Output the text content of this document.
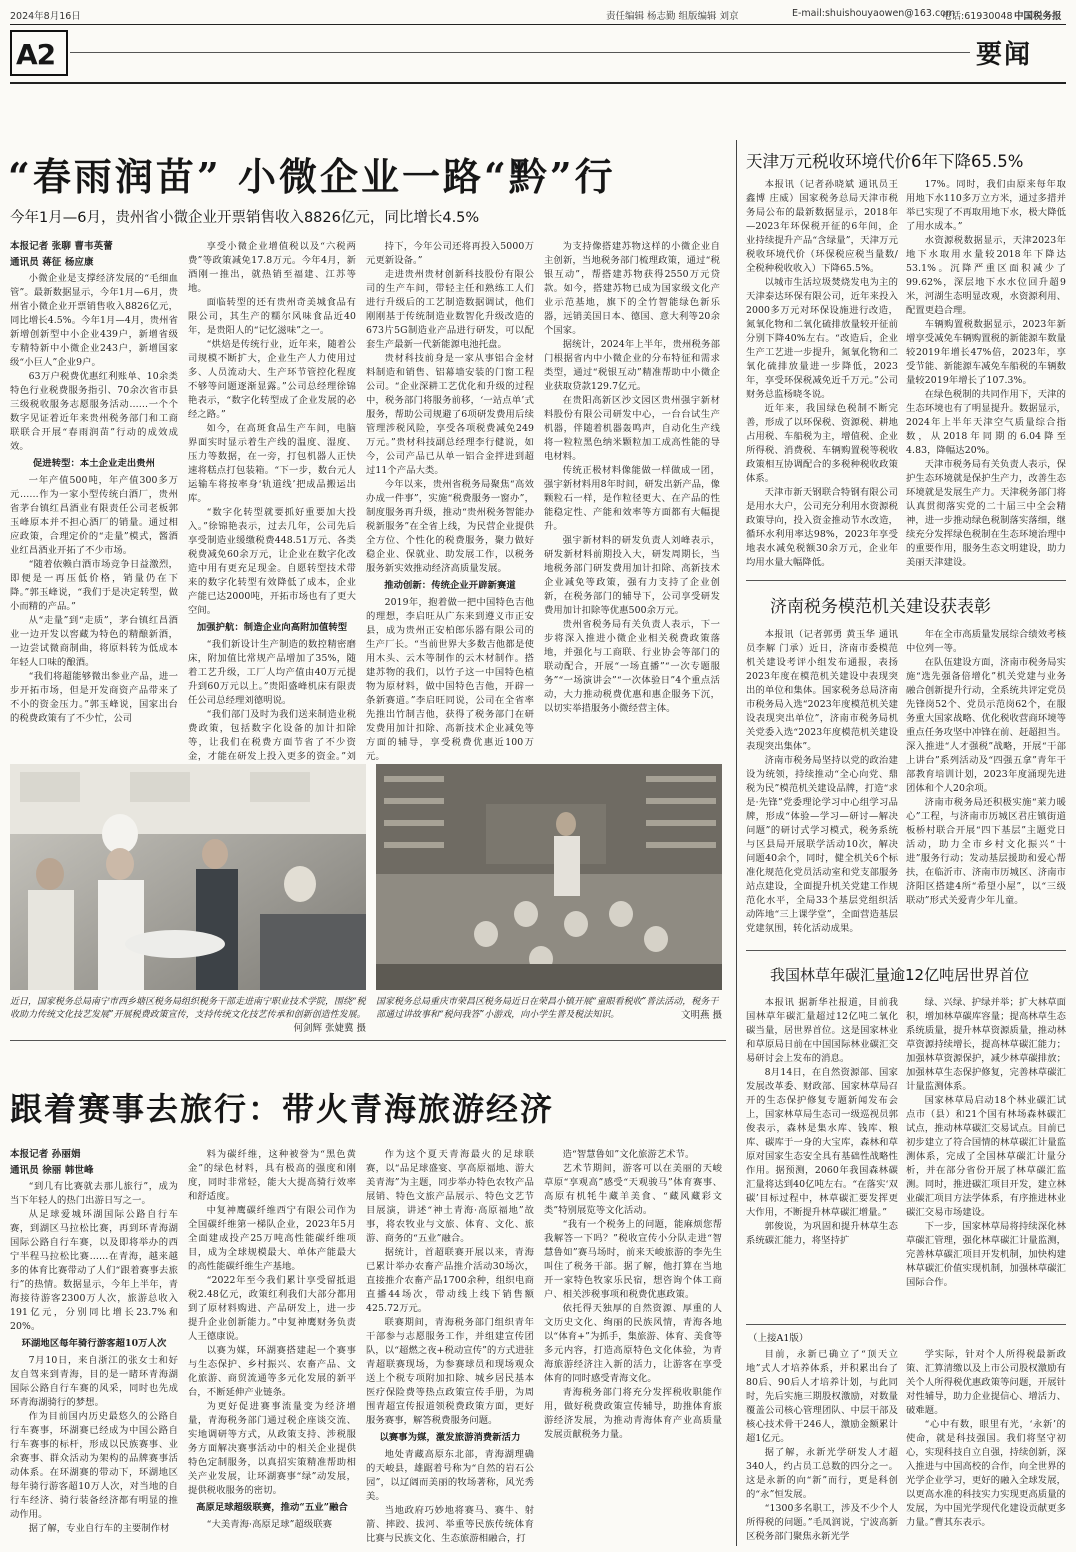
2024年8月16日	责任编辑 杨志勤 组版编辑 刘京	E-mail:shuishouyaowen@163.com
电话:61930048 中国税务报
A2	要闻
“春雨润苗” 小微企业一路“黔”行
今年1月—6月，贵州省小微企业开票销售收入8826亿元，同比增长4.5%
本报记者 张聊 曹韦英蕾
通讯员 蒋征 杨应康

小微企业是支撑经济发展的“毛细血管”。最新数据显示，今年1月—6月，贵州省小微企业开票销售收入8826亿元，同比增长4.5%。今年1月—4月，贵州省新增创新型中小企业439户，新增省级专精特新中小微企业243户，新增国家级“小巨人”企业9户。

63万户税费优惠红利账单、10余类特色行业税费服务指引、70余次省市县三级税收服务志愿服务活动……一个个数字见证着近年来贵州税务部门和工商联联合开展“春雨润苗”行动的成效成效。

促进转型：本土企业走出贵州

一年产值500吨，年产值300多万元……作为一家小型传统白酒厂，贵州省茅台镇红昌酒业有限责任公司老板郭玉峰原本并不担心酒厂的销量。通过相应政策，合理定价的“走量”模式，酱酒业红昌酒业开拓了不少市场。

“随着依赖白酒市场竞争日益激烈，即便是一再压低价格，销量仍在下降。”郭玉峰说，“我们于是决定转型，做小而精的产品。”

从“走量”到“走质”，茅台镇红昌酒业一边开发以窖藏为特色的精酿新酒，一边尝试微商制曲，将原料转为低成本年轻人口味的酿酒。

“我们将超能够微出参业产品，进一步开拓市场，但是开发商资产品带来了不小的资金压力。”郭玉峰说，国家出台的税费政策有了不少忙，公司

享受小微企业增值税以及“六税两费”等政策减免17.8万元。今年4月，新酒刚一推出，就热销至福建、江苏等地。

面临转型的还有贵州奇美城食品有限公司，其生产的糯尔风味食品近40年，是贵阳人的“记忆滋味”之一。

“烘焙是传统行业，近年来，随着公司规模不断扩大，企业生产人力使用过多、人员流动大、生产环节管控化程度不够等问题逐渐显露。”公司总经理徐锦艳表示，“数字化转型成了企业发展的必经之路。”

如今，在高斑食品生产车间，电脑界面实时显示着生产线的温度、湿度、压力等数据，在一旁，打包机器人正快速将糕点打包装箱。“下一步，数台元人运输车将按率身‘轨道线’把成品搬运出库。

“数字化转型就要抓好重要加大投入。”徐锦艳表示，过去几年，公司先后享受制造业缓缴税费448.51万元、各类税费减免60余万元，让企业在数字化改造中用有更充足现金。自愿转型技术带来的数字化转型有效降低了成本，企业产能已达2000吨，开拓市场也有了更大空间。

加强护航：制造企业向高附加值转型

“我们新设计生产制造的数控精密磨床，附加值比常规产品增加了35%，随着工艺升级，工厂人均产值由40万元提升到60万元以上。”贵阳盛峰机床有限责任公司总经理刘德明说。

“我们部门及时为我们送来制造业税费政策，包括数字化设备的加计扣除等，让我们在税费方面节省了不少资金，才能在研发上投入更多的资金。”刘

持下，今年公司还将再投入5000万元更新设备。”

走进贵州贵材创新科技股份有限公司的生产车间，带轻主任和熟练工人们进行升级后的工艺制造数据调试，他们刚刚基于传统制造业数智化升级改造的673片5G制造业产品进行研发，可以配套生产最新一代新能源电池托盘。

贵材科技前身是一家从事铝合金材料制造和销售、铝幕墙安装的门窗工程公司。“企业深耕工艺优化和升级的过程中，税务部门将服务前移，‘一站点单’式服务，帮助公司规避了6项研发费用后续管理涉税风险，享受各项税费减免249万元。”贵材科技副总经理李行健说，如今，公司产品已从单一铝合金拌进到超过11个产品大类。

今年以来，贵州省税务局聚焦“高效办成一件事”，实施“税费服务一窗办”，制度服务再升级，推动“贵州税务智能办税新服务”在全省上线，为民营企业提供全方位、个性化的税费服务，聚力做好稳企业、保就业、助发展工作，以税务服务新实效推动经济高质量发展。

推动创新：传统企业开辟新赛道

2019年，抱着做一把中国特色吉他的理想，李启旺从广东来到遵义市正安县，成为贵州正安柏郎乐器有限公司的生产厂长。“当前世界大多数吉他都是使用木头、云木等制作的云木材制作。搭建苏物的我们，以竹子这一中国特色植物为原材料，做中国特色吉他，开辟一条新赛道。”李启旺同说，公司在全省率先推出竹制吉他，获得了税务部门在研发费用加计扣除、高新技术企业减免等方面的辅导，享受税费优惠近100万元。

为支持像搭建苏物这样的小微企业自主创新，当地税务部门梳理政策，通过“税银互动”，帮搭建苏物获得2550万元贷款。如今，搭建苏物已成为国家级文化产业示范基地，旗下的全竹智能绿色新乐器，远销美国日本、德国、意大利等20余个国家。

据统计，2024年上半年，贵州税务部门根据省内中小微企业的分布特征和需求类型，通过“税银互动”精准帮助中小微企业获取贷款129.7亿元。

在贵阳高新区沙文园区贵州强宇新材料股份有限公司研发中心，一台台试生产机器，伴随着机器轰鸣声，自动化生产线将一粒粒黑色纳米颗粒加工成高性能的导电材料。

传统正极材料像能做一样做成一团，强宇新材料用8年时间，研发出新产品，像颗粒石一样，是作粒径更大、在产品的性能稳定性、产能和效率等方面都有大幅提升。

强宇新材料的研发负责人刘峰表示，研发新材料前期投入大，研发周期长，当地税务部门研发费用加计扣除、高新技术企业减免等政策，强有力支持了企业创新，在税务部门的辅导下，公司享受研发费用加计扣除等优惠500余万元。

贵州省税务局有关负责人表示，下一步将深入推进小微企业相关税费政策落地，并强化与工商联、行业协会等部门的联动配合，开展“一场直播”“一次专题服务”“一场演讲会”“一次体验日”4个重点活动，大力推动税费优惠和惠企服务下沉，以切实举措服务小微经营主体。

近日，国家税务总局南宁市西乡塘区税务局组织税务干部走进南宁职业技术学院，围绕“税收助力传统文化技艺发展”开展税费政策宣传，支持传统文化技艺传承和创新创造性发展。
何剑辉 张婕冀 摄
国家税务总局重庆市荣昌区税务局近日在荣昌小镇开展“童眼看税收”普法活动，税务干部通过讲故事和“税问我答”小游戏，向小学生普及税法知识。	文明燕 摄
跟着赛事去旅行：带火青海旅游经济
本报记者 孙丽娟
通讯员 徐丽 韩世峰

“到几有比赛就去那儿旅行”，成为当下年轻人的热门出游日写之一。

从足球爱城环湖国际公路自行车赛，到湖区马拉松比赛，再到环青海湖国际公路自行车赛，以及即将举办的西宁半程马拉松比赛……在青海，越来越多的体育比赛带动了人们“跟着赛事去旅行”的热情。数据显示，今年上半年，青海接待游客2300万人次，旅游总收入191亿元，分别同比增长23.7%和20%。

环湖地区每年骑行游客超10万人次

7月10日，来自浙江的张女士和好友自驾来到青海，目的是一睹环青海湖国际公路自行车赛的风采，同时也先成环青海湖骑行的梦想。

作为目前国内历史最悠久的公路自行车赛事，环湖赛已经成为中国公路自行车赛事的标杆，形成以民族赛事、业余赛事、群众活动为架构的品牌赛事活动体系。在环湖赛的带动下，环湖地区每年骑行游客超10万人次，对当地的自行车经济、骑行装备经济都有明显的推动作用。

据了解，专业自行车的主要制作材

料为碳纤维，这种被誉为“黑色黄金”的绿色材料，具有极高的强度和刚度，同时非常轻，能大大提高骑行效率和舒适度。

中复神鹰碳纤维西宁有限公司作为全国碳纤维第一梯队企业，2023年5月全面建成投产25万吨高性能碳纤维项目，成为全球规模最大、单体产能最大的高性能碳纤维生产基地。

“2022年至今我们累计享受留抵退税2.48亿元，政策红利我们大部分都用到了原材料购进、产品研发上，进一步提升企业创新能力。”中复神鹰财务负责人王德康说。

以赛为媒，环湖赛搭建起一个赛事与生态保护、乡村振兴、农畜产品、文化旅游、商贸流通等多元化发展的新平台，不断延伸产业链条。

为更好促进赛事流量变为经济增量，青海税务部门通过税企座谈交流、实地调研等方式，从政策支持、涉税服务方面解决赛事活动中的相关企业提供特色定制服务，以真招实策精准帮助相关产业发展，让环湖赛事“绿”动发展，提供税收服务的密切。

高原足球超级联赛，推动“五业”融合

“大美青海·高原足球”超级联赛

作为这个夏天青海最火的足球联赛，以“品足球盛宴、享高原福地、游大美青海”为主题，同步举办特色农牧产品展销、特色文旅产品展示、特色文艺节目展演，讲述“神土青海·高原福地”故事，将农牧业与文旅、体育、文化、旅游、商务的“五业”融合。

据统计，首超联赛开展以来，青海已累计举办农畜产品推介活动30场次，直接推介农畜产品1700余种，组织电商直播44场次，带动线上线下销售额425.72万元。

联赛期间，青海税务部门组织青年干部参与志愿服务工作，并组建宣传团队，以“超燃之夜+税动宣传”的方式进驻青超联赛现场，为参赛球员和现场观众送上个税专项附加扣除、城乡居民基本医疗保险费等热点政策宣传手册，为周围青超宣传报道领税费政策方面，更好服务赛事，解答税费服务问题。

以赛事为媒，激发旅游消费新活力

地处青藏高原东北部，青海湖理确的天峻县，雄踞着号称为“自然的岩石公园”，以辽阔而美丽的牧场著称，风光秀美。

当地政府巧妙地将赛马、赛牛、射箭、摔跤、拔河、举重等民族传统体育比赛与民族文化、生态旅游相融合，打

造“智慧鲁如”文化旅游艺术节。

艺术节期间，游客可以在美丽的天峻草原“享观高”感受“天观骏马”体育赛事、高原有机牦牛藏羊美食、“藏风藏彩文类”特别展览等文化活动。

“我有一个税务上的问题，能麻烦您帮我解答一下吗？”税收宣传小分队走进“智慧鲁如”赛马场时，前来天峻旅游的李先生叫住了税务干部。据了解，他打算在当地开一家特色牧家乐民宿，想咨询个体工商户、相关涉税事项和税费优惠政策。

依托得天独厚的自然资源、厚重的人文历史文化、绚丽的民族风情，青海各地以“体育+”为抓手，集旅游、体育、美食等多元内容，打造高原特色文化体验，为青海旅游经济注入新的活力，让游客在享受体育的同时感受青海文化。

青海税务部门将充分发挥税收职能作用，做好税费政策宣传辅导，助推体育旅游经济发展，为推动青海体育产业高质量发展贡献税务力量。

天津万元税收环境代价6年下降65.5%

本报讯（记者孙晓斌 通讯员王鑫博 庄威）国家税务总局天津市税务局公布的最新数据显示，2018年—2023年环保税开征的6年间，企业持续提升产品“含绿量”，天津万元税收环境代价（环保税应税当量数/全税种税收收入）下降65.5%。

以城市生活垃圾焚烧发电为主的天津泰达环保有限公司，近年来投入2000多万元对环保设施进行改造，氮氧化物和二氧化硫排放量较开征前分别下降40%左右。“改造后，企业生产工艺进一步提升，氮氧化物和二氧化硫排放量进一步降低，2023年，享受环保税减免近千万元。”公司财务总监杨晓冬说。

近年来，我国绿色税制不断完善，形成了以环保税、资源税、耕地占用税、车船税为主，增值税、企业所得税、消费税、车辆购置税等税收政策相互协调配合的多税种税收政策体系。

天津市新天钢联合特钢有限公司是用水大户，公司充分利用水资源税政策导向，投入资金推动节水改造，循环水利用率达98%，2023年享受地表水减免税额30余万元，企业年均用水量大幅降低。

17%。同时，我们由原来每年取用地下水110多万立方米，通过多措并举已实现了不再取用地下水，极大降低了用水成本。”

水资源税数据显示，天津2023年地下水取用水量较2018年下降达53.1%。沉降严重区面积减少了99.62%，深层地下水水位回升超9米，河湖生态明显改观，水资源利用、配置更趋合理。

车辆购置税数据显示，2023年新增享受减免车辆购置税的新能源车数量较2019年增长47%倍，2023年，享受节能、新能源车减免车船税的车辆数量较2019年增长了107.3%。

在绿色税制的共同作用下，天津的生态环境也有了明显提升。数据显示，2024年上半年天津空气质量综合指数，从2018年同期的6.04降至4.83，降幅达20%。

天津市税务局有关负责人表示，保护生态环境就是保护生产力，改善生态环境就是发展生产力。天津税务部门将认真贯彻落实党的二十届三中全会精神，进一步推动绿色税制落实落细，继续充分发挥绿色税制在生态环境治理中的重要作用，服务生态文明建设，助力美丽天津建设。

济南税务模范机关建设获表彰

本报讯（记者郭勇 黄玉华 通讯员李解 门承）近日，济南市委模范机关建设考评小组发布通报，表扬2023年度在模范机关建设中表现突出的单位和集体。国家税务总局济南市税务局入选“2023年度模范机关建设表现突出单位”，济南市税务局机关党委入选“2023年度模范机关建设表现突出集体”。

济南市税务局坚持以党的政治建设为统领，持续推动“全心向党、鼎税为民”模范机关建设品牌，打造“求是·先锋”党委理论学习中心组学习品牌，形成“体验—学习—研讨—解决问题”的研讨式学习模式，税务系统与区县局开展联学活动10次，解决问题40余个，同时，健全机关6个标准化规范化党员活动室和党支部服务站点建设，全面提升机关党建工作规范化水平，全局33个基层党组织活动阵地“三上课学堂”，全面营造基层党建氛围，转化活动成果。

年在全市高质量发展综合绩效考核中位列一等。

在队伍建设方面，济南市税务局实施“选先强备倍增化”机关党建与业务融合创新提升行动，全系统共评定党员先锋岗52个、党员示范岗62个，在服务重大国家战略、优化税收营商环境等重点任务攻坚中冲锋在前、赶超担当。深入推进“人才强税”战略，开展“干部上讲台”系列活动及“四强五拿”青年干部教育培训计划，2023年度涌现先进团体和个人20余项。

济南市税务局还积极实施“莱力暖心”工程，与济南市历城区君庄镇街道板桥村联合开展“四下基层”主题党日活动，助力全市乡村文化振兴“十进”服务行动；发动基层援助和爱心帮扶，在临沂市、济南市历城区、济南市济阳区搭建4所“希望小屋”，以“三级联动”形式关爱青少年儿童。

我国林草年碳汇量逾12亿吨居世界首位

本报讯 据新华社报道，目前我国林草年碳汇量超过12亿吨二氧化碳当量，居世界首位。这是国家林业和草原局日前在中国国际林业碳汇交易研讨会上发布的消息。

8月14日，在自然资源部、国家发展改革委、财政部、国家林草局召开的生态保护修复专题新闻发布会上，国家林草局生态司一级巡视员郭俊表示，森林是集水库、钱库、粮库、碳库于一身的大宝库，森林和草原对国家生态安全具有基础性战略性作用。据预测，2060年我国森林碳汇量将达到40亿吨左右。“在落实‘双碳’目标过程中，林草碳汇要发挥更大作用，不断提升林草碳汇增量。”

郭俊说，为巩固和提升林草生态系统碳汇能力，将坚持扩

绿、兴绿、护绿并举；扩大林草面积，增加林草碳库容量；提高林草生态系统质量，提升林草资源质量，推动林草资源持续增长，提高林草碳汇能力；加强林草资源保护，减少林草碳排放；加强林草生态保护修复，完善林草碳汇计量监测体系。

国家林草局启动18个林业碳汇试点市（县）和21个国有林场森林碳汇试点，推动林草碳汇交易试点。目前已初步建立了符合国情的林草碳汇计量监测体系，完成了全国林草碳汇计量分析，并在部分省份开展了林草碳汇监测。同时，推进碳汇项目开发，建立林业碳汇项目方法学体系，有序推进林业碳汇交易市场建设。

下一步，国家林草局将持续深化林草碳汇管理，强化林草碳汇计量监测，完善林草碳汇项目开发机制，加快构建林草碳汇价值实现机制，加强林草碳汇国际合作。

（上接A1版）

目前，永新已确立了“顶天立地”式人才培养体系，并积累出台了80后、90后人才培养计划，与此同时，先后实施三期股权激励，对数量覆盖公司核心管理团队、中层干部及核心技术骨干246人，激励金额累计超1亿元。

据了解，永新光学研发人才超340人，约占员工总数的四分之一。这是永新的向“新”而行，更是科创的“永”恒发展。

“1300多名职工，涉及不少个人所得税的问题。”毛凤润说，宁波高新区税务部门聚焦永新光学

学实际，针对个人所得税最新政策、汇算清缴以及上市公司股权激励有关个人所得税优惠政策等问题，开展针对性辅导，助力企业提信心、增活力、破难题。

“心中有数，眼里有光，‘永新’的使命，就是科技强国。我们将坚守初心，实现科技自立自强，持续创新，深入推进与中国高校的合作，向全世界的光学企业学习，更好的融入全球发展，以更高水准的科技实力实现更高质量的发展，为中国光学现代化建设贡献更多力量。”曹其东表示。
